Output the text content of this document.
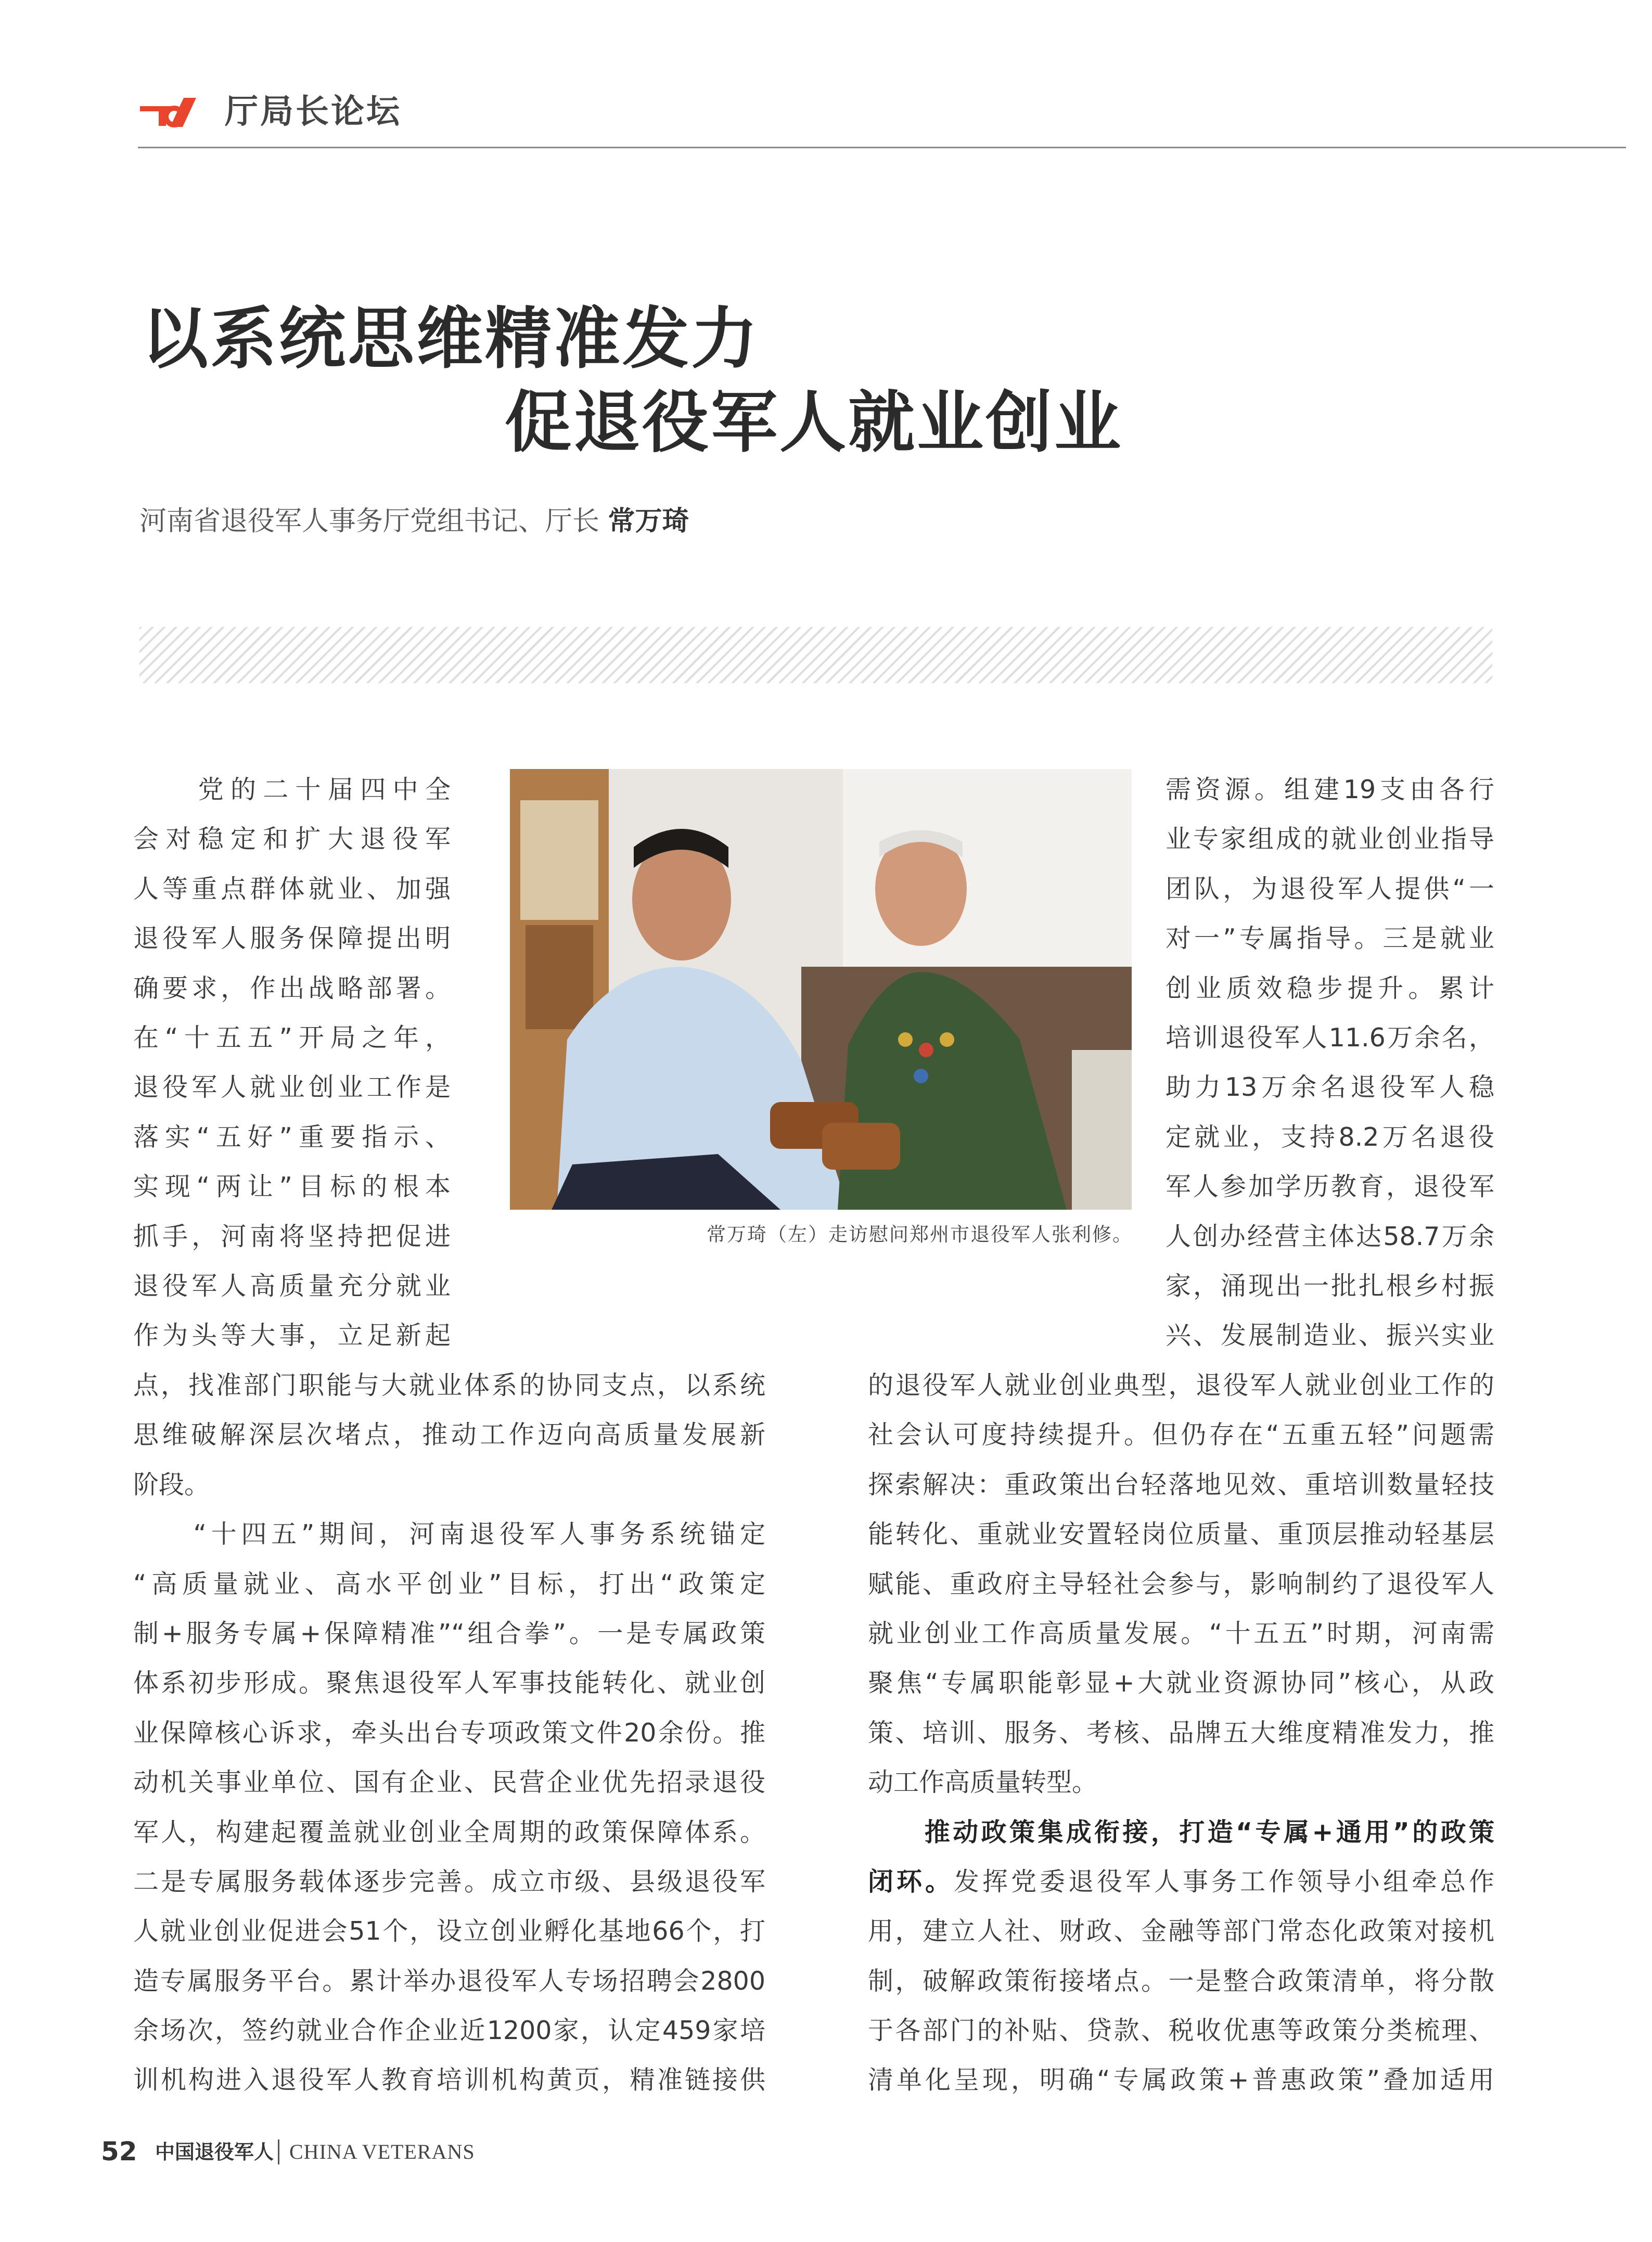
厅局长论坛
以系统思维精准发力
促退役军人就业创业
河南省退役军人事务厅党组书记、厅长 常万琦

　　党的二十届四中全

会对稳定和扩大退役军

人等重点群体就业、加强

退役军人服务保障提出明

确要求，作出战略部署。

在“十五五”开局之年，

退役军人就业创业工作是

落实“五好”重要指示、

实现“两让”目标的根本

抓手，河南将坚持把促进

退役军人高质量充分就业

作为头等大事，立足新起

常万琦（左）走访慰问郑州市退役军人张利修。

点，找准部门职能与大就业体系的协同支点，以系统

思维破解深层次堵点，推动工作迈向高质量发展新

阶段。

　　“十四五”期间，河南退役军人事务系统锚定

“高质量就业、高水平创业”目标，打出“政策定

制+服务专属+保障精准”“组合拳”。一是专属政策

体系初步形成。聚焦退役军人军事技能转化、就业创

业保障核心诉求，牵头出台专项政策文件20余份。推

动机关事业单位、国有企业、民营企业优先招录退役

军人，构建起覆盖就业创业全周期的政策保障体系。

二是专属服务载体逐步完善。成立市级、县级退役军

人就业创业促进会51个，设立创业孵化基地66个，打

造专属服务平台。累计举办退役军人专场招聘会2800

余场次，签约就业合作企业近1200家，认定459家培

训机构进入退役军人教育培训机构黄页，精准链接供

需资源。组建19支由各行

业专家组成的就业创业指导

团队，为退役军人提供“一

对一”专属指导。三是就业

创业质效稳步提升。累计

培训退役军人11.6万余名，

助力13万余名退役军人稳

定就业，支持8.2万名退役

军人参加学历教育，退役军

人创办经营主体达58.7万余

家，涌现出一批扎根乡村振

兴、发展制造业、振兴实业

的退役军人就业创业典型，退役军人就业创业工作的

社会认可度持续提升。但仍存在“五重五轻”问题需

探索解决：重政策出台轻落地见效、重培训数量轻技

能转化、重就业安置轻岗位质量、重顶层推动轻基层

赋能、重政府主导轻社会参与，影响制约了退役军人

就业创业工作高质量发展。“十五五”时期，河南需

聚焦“专属职能彰显+大就业资源协同”核心，从政

策、培训、服务、考核、品牌五大维度精准发力，推

动工作高质量转型。

　　推动政策集成衔接，打造“专属+通用”的政策

闭环。发挥党委退役军人事务工作领导小组牵总作

用，建立人社、财政、金融等部门常态化政策对接机

制，破解政策衔接堵点。一是整合政策清单，将分散

于各部门的补贴、贷款、税收优惠等政策分类梳理、

清单化呈现，明确“专属政策+普惠政策”叠加适用

52 中国退役军人 CHINA VETERANS
